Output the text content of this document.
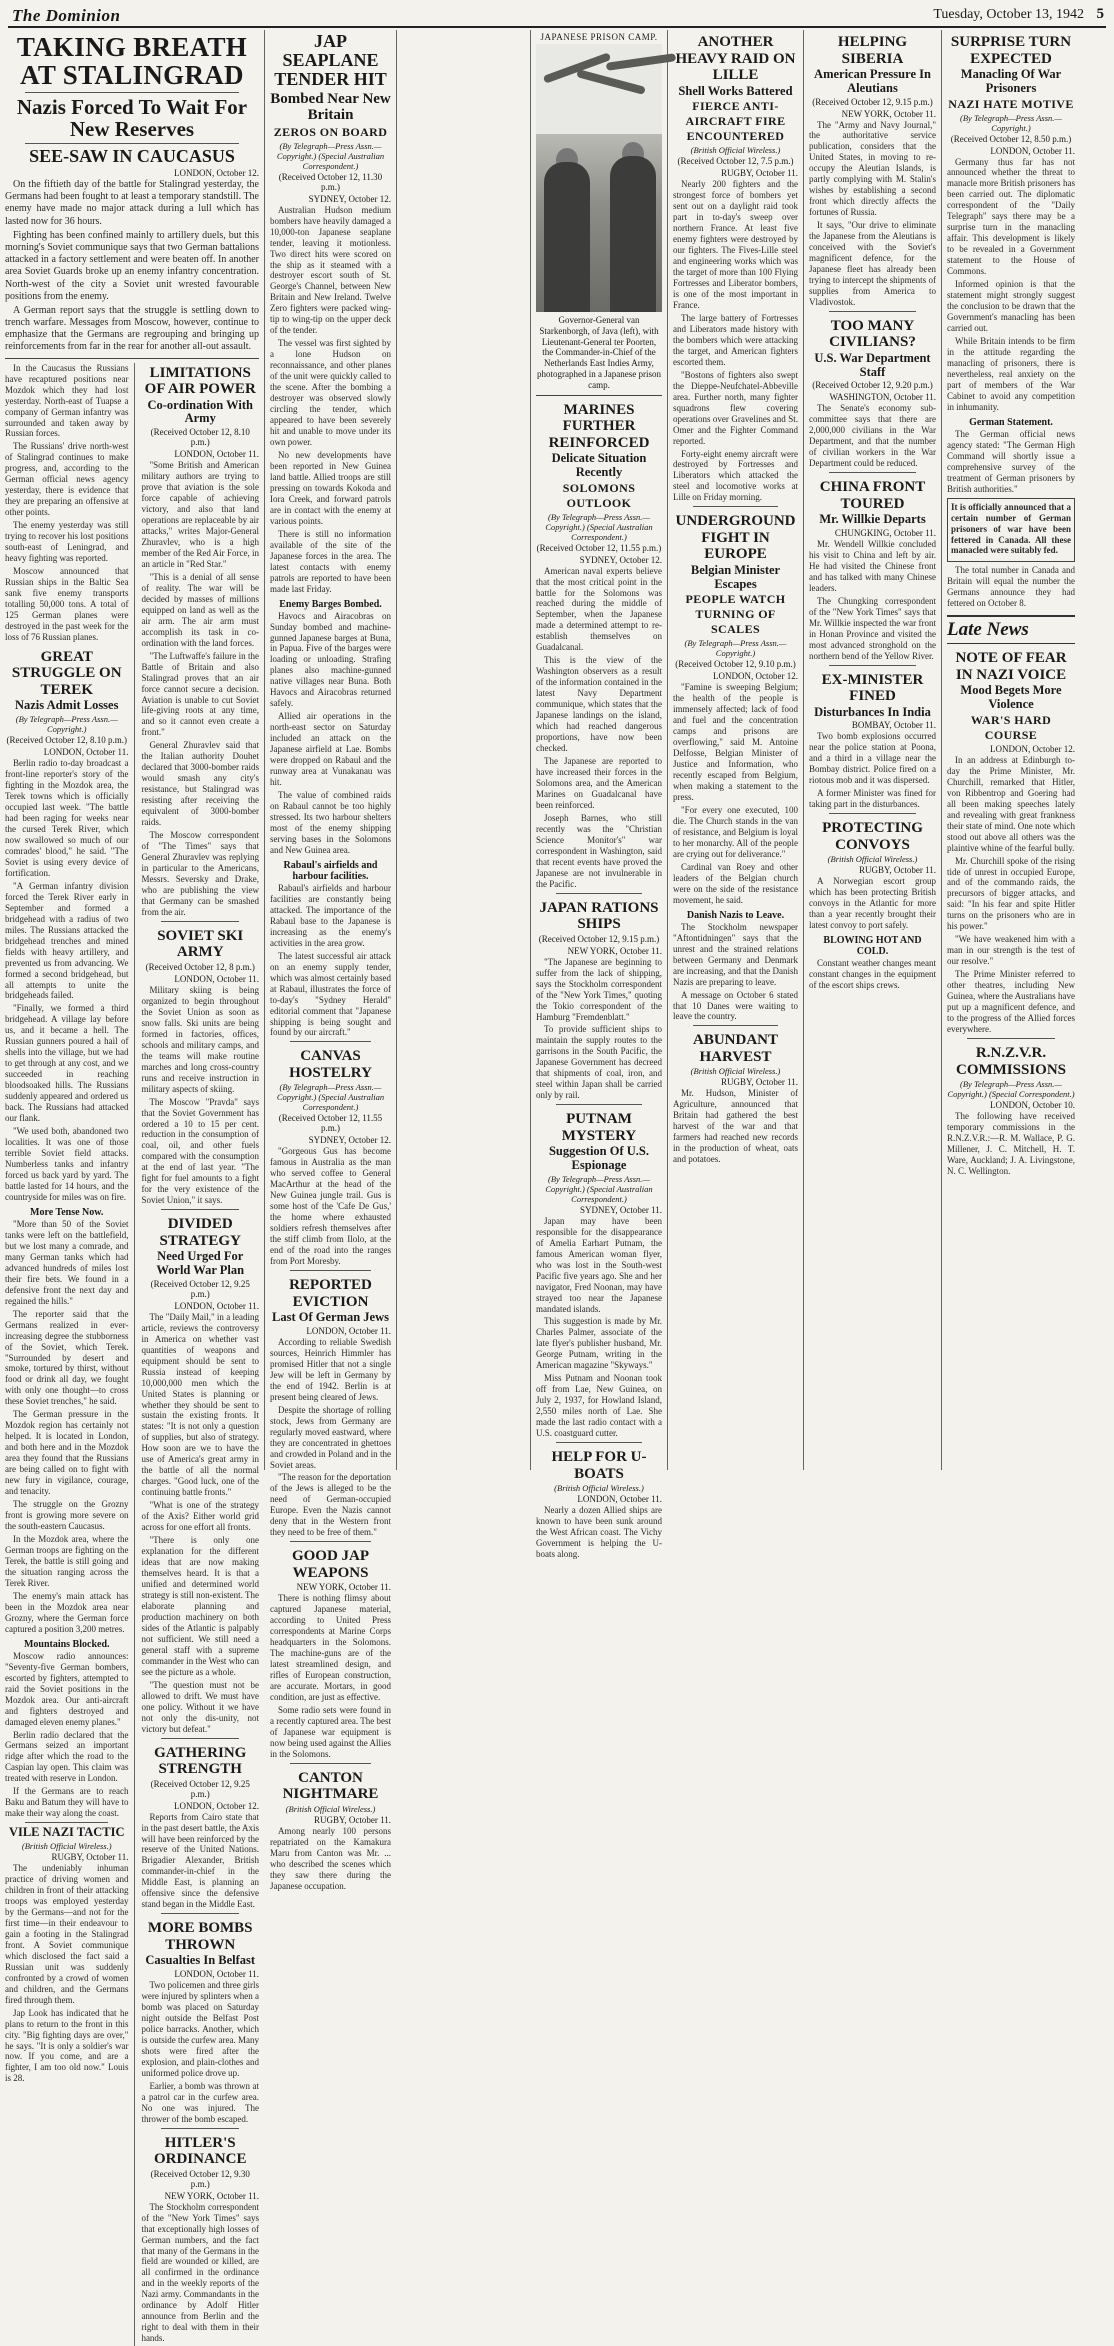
The Dominion	Tuesday, October 13, 1942 5
TAKING BREATH AT STALINGRAD
Nazis Forced To Wait For New Reserves
SEE-SAW IN CAUCASUS
LONDON, October 12.

On the fiftieth day of the battle for Stalingrad yesterday, the Germans had been fought to at least a temporary standstill. The enemy have made no major attack during a lull which has lasted now for 36 hours.

Fighting has been confined mainly to artillery duels, but this morning's Soviet communique says that two German battalions attacked in a factory settlement and were beaten off. In another area Soviet Guards broke up an enemy infantry concentration. North-west of the city a Soviet unit wrested favourable positions from the enemy.

A German report says that the struggle is settling down to trench warfare. Messages from Moscow, however, continue to emphasize that the Germans are regrouping and bringing up reinforcements from far in the rear for another all-out assault.

In the Caucasus the Russians have recaptured positions near Mozdok which they had lost yesterday. North-east of Tuapse a company of German infantry was surrounded and taken away by Russian forces.

The Russians' drive north-west of Stalingrad continues to make progress, and, according to the German official news agency yesterday, there is evidence that they are preparing an offensive at other points.

The enemy yesterday was still trying to recover his lost positions south-east of Leningrad, and heavy fighting was reported.

Moscow announced that Russian ships in the Baltic Sea sank five enemy transports totalling 50,000 tons. A total of 125 German planes were destroyed in the past week for the loss of 76 Russian planes.

GREAT STRUGGLE ON TEREK
Nazis Admit Losses
(By Telegraph—Press Assn.—Copyright.)
(Received October 12, 8.10 p.m.)
LONDON, October 11.

Berlin radio to-day broadcast a front-line reporter's story of the fighting in the Mozdok area, the Terek towns which is officially occupied last week. "The battle had been raging for weeks near the cursed Terek River, which now swallowed so much of our comrades' blood," he said. "The Soviet is using every device of fortification.

"A German infantry division forced the Terek River early in September and formed a bridgehead with a radius of two miles. The Russians attacked the bridgehead trenches and mined fields with heavy artillery, and prevented us from advancing. We formed a second bridgehead, but all attempts to unite the bridgeheads failed.

"Finally, we formed a third bridgehead. A village lay before us, and it became a hell. The Russian gunners poured a hail of shells into the village, but we had to get through at any cost, and we succeeded in reaching bloodsoaked hills. The Russians suddenly appeared and ordered us back. The Russians had attacked our flank.

"We used both, abandoned two localities. It was one of those terrible Soviet field attacks. Numberless tanks and infantry forced us back yard by yard. The battle lasted for 14 hours, and the countryside for miles was on fire.

More Tense Now.

"More than 50 of the Soviet tanks were left on the battlefield, but we lost many a comrade, and many German tanks which had advanced hundreds of miles lost their fire bets. We found in a defensive front the next day and regained the hills."

The reporter said that the Germans realized in ever-increasing degree the stubborness of the Soviet, which Terek. "Surrounded by desert and smoke, tortured by thirst, without food or drink all day, we fought with only one thought—to cross these Soviet trenches," he said.

The German pressure in the Mozdok region has certainly not helped. It is located in London, and both here and in the Mozdok area they found that the Russians are being called on to fight with new fury in vigilance, courage, and tenacity.

The struggle on the Grozny front is growing more severe on the south-eastern Caucasus.

In the Mozdok area, where the German troops are fighting on the Terek, the battle is still going and the situation ranging across the Terek River.

The enemy's main attack has been in the Mozdok area near Grozny, where the German force captured a position 3,200 metres.

Mountains Blocked.

Moscow radio announces: "Seventy-five German bombers, escorted by fighters, attempted to raid the Soviet positions in the Mozdok area. Our anti-aircraft and fighters destroyed and damaged eleven enemy planes."

Berlin radio declared that the Germans seized an important ridge after which the road to the Caspian lay open. This claim was treated with reserve in London.

If the Germans are to reach Baku and Batum they will have to make their way along the coast.

VILE NAZI TACTIC
(British Official Wireless.)
RUGBY, October 11.

The undeniably inhuman practice of driving women and children in front of their attacking troops was employed yesterday by the Germans—and not for the first time—in their endeavour to gain a footing in the Stalingrad front. A Soviet communique which disclosed the fact said a Russian unit was suddenly confronted by a crowd of women and children, and the Germans fired through them.

Jap Look has indicated that he plans to return to the front in this city. "Big fighting days are over," he says. "It is only a soldier's war now. If you come, and are a fighter, I am too old now." Louis is 28.

LIMITATIONS OF AIR POWER
Co-ordination With Army
(Received October 12, 8.10 p.m.)
LONDON, October 11.

"Some British and American military authors are trying to prove that aviation is the sole force capable of achieving victory, and also that land operations are replaceable by air attacks," writes Major-General Zhuravlev, who is a high member of the Red Air Force, in an article in "Red Star."

"This is a denial of all sense of reality. The war will be decided by masses of millions equipped on land as well as the air arm. The air arm must accomplish its task in co-ordination with the land forces.

"The Luftwaffe's failure in the Battle of Britain and also Stalingrad proves that an air force cannot secure a decision. Aviation is unable to cut Soviet life-giving roots at any time, and so it cannot even create a front."

General Zhuravlev said that the Italian authority Douhet declared that 3000-bomber raids would smash any city's resistance, but Stalingrad was resisting after receiving the equivalent of 3000-bomber raids.

The Moscow correspondent of "The Times" says that General Zhuravlev was replying in particular to the Americans, Messrs. Seversky and Drake, who are publishing the view that Germany can be smashed from the air.

SOVIET SKI ARMY
(Received October 12, 8 p.m.)
LONDON, October 11.

Military skiing is being organized to begin throughout the Soviet Union as soon as snow falls. Ski units are being formed in factories, offices, schools and military camps, and the teams will make routine marches and long cross-country runs and receive instruction in military aspects of skiing.

The Moscow "Pravda" says that the Soviet Government has ordered a 10 to 15 per cent. reduction in the consumption of coal, oil, and other fuels compared with the consumption at the end of last year. "The fight for fuel amounts to a fight for the very existence of the Soviet Union," it says.

DIVIDED STRATEGY
Need Urged For World War Plan
(Received October 12, 9.25 p.m.)
LONDON, October 11.

The "Daily Mail," in a leading article, reviews the controversy in America on whether vast quantities of weapons and equipment should be sent to Russia instead of keeping 10,000,000 men which the United States is planning or whether they should be sent to sustain the existing fronts. It states: "It is not only a question of supplies, but also of strategy. How soon are we to have the use of America's great army in the battle of all the normal charges. "Good luck, one of the continuing battle fronts."

"What is one of the strategy of the Axis? Either world grid across for one effort all fronts.

"There is only one explanation for the different ideas that are now making themselves heard. It is that a unified and determined world strategy is still non-existent. The elaborate planning and production machinery on both sides of the Atlantic is palpably not sufficient. We still need a general staff with a supreme commander in the West who can see the picture as a whole.

"The question must not be allowed to drift. We must have one policy. Without it we have not only the dis-unity, not victory but defeat."

GATHERING STRENGTH
(Received October 12, 9.25 p.m.)
LONDON, October 12.

Reports from Cairo state that in the past desert battle, the Axis will have been reinforced by the reserve of the United Nations. Brigadier Alexander, British commander-in-chief in the Middle East, is planning an offensive since the defensive stand began in the Middle East.

MORE BOMBS THROWN
Casualties In Belfast
LONDON, October 11.

Two policemen and three girls were injured by splinters when a bomb was placed on Saturday night outside the Belfast Post police barracks. Another, which is outside the curfew area. Many shots were fired after the explosion, and plain-clothes and uniformed police drove up.

Earlier, a bomb was thrown at a patrol car in the curfew area. No one was injured. The thrower of the bomb escaped.

HITLER'S ORDINANCE
(Received October 12, 9.30 p.m.)
NEW YORK, October 11.

The Stockholm correspondent of the "New York Times" says that exceptionally high losses of German numbers, and the fact that many of the Germans in the field are wounded or killed, are all confirmed in the ordinance and in the weekly reports of the Nazi army. Commandants in the ordinance by Adolf Hitler announce from Berlin and the right to deal with them in their hands.

JAP SEAPLANE TENDER HIT
Bombed Near New Britain
ZEROS ON BOARD
(By Telegraph—Press Assn.—Copyright.) (Special Australian Correspondent.)
(Received October 12, 11.30 p.m.)
SYDNEY, October 12.

Australian Hudson medium bombers have heavily damaged a 10,000-ton Japanese seaplane tender, leaving it motionless. Two direct hits were scored on the ship as it steamed with a destroyer escort south of St. George's Channel, between New Britain and New Ireland. Twelve Zero fighters were packed wing-tip to wing-tip on the upper deck of the tender.

The vessel was first sighted by a lone Hudson on reconnaissance, and other planes of the unit were quickly called to the scene. After the bombing a destroyer was observed slowly circling the tender, which appeared to have been severely hit and unable to move under its own power.

No new developments have been reported in New Guinea land battle. Allied troops are still pressing on towards Kokoda and Iora Creek, and forward patrols are in contact with the enemy at various points.

There is still no information available of the site of the Japanese forces in the area. The latest contacts with enemy patrols are reported to have been made last Friday.

Enemy Barges Bombed.

Havocs and Airacobras on Sunday bombed and machine-gunned Japanese barges at Buna, in Papua. Five of the barges were loading or unloading. Strafing planes also machine-gunned native villages near Buna. Both Havocs and Airacobras returned safely.

Allied air operations in the north-east sector on Saturday included an attack on the Japanese airfield at Lae. Bombs were dropped on Rabaul and the runway area at Vunakanau was hit.

The value of combined raids on Rabaul cannot be too highly stressed. Its two harbour shelters most of the enemy shipping serving bases in the Solomons and New Guinea area.

Rabaul's airfields and harbour facilities.

Rabaul's airfields and harbour facilities are constantly being attacked. The importance of the Rabaul base to the Japanese is increasing as the enemy's activities in the area grow.

The latest successful air attack on an enemy supply tender, which was almost certainly based at Rabaul, illustrates the force of to-day's "Sydney Herald" editorial comment that "Japanese shipping is being sought and found by our aircraft."

CANVAS HOSTELRY
(By Telegraph—Press Assn.—Copyright.) (Special Australian Correspondent.)
(Received October 12, 11.55 p.m.)
SYDNEY, October 12.

"Gorgeous Gus has become famous in Australia as the man who served coffee to General MacArthur at the head of the New Guinea jungle trail. Gus is some host of the 'Cafe De Gus,' the home where exhausted soldiers refresh themselves after the stiff climb from Ilolo, at the end of the road into the ranges from Port Moresby.

REPORTED EVICTION
Last Of German Jews
LONDON, October 11.

According to reliable Swedish sources, Heinrich Himmler has promised Hitler that not a single Jew will be left in Germany by the end of 1942. Berlin is at present being cleared of Jews.

Despite the shortage of rolling stock, Jews from Germany are regularly moved eastward, where they are concentrated in ghettoes and crowded in Poland and in the Soviet areas.

"The reason for the deportation of the Jews is alleged to be the need of German-occupied Europe. Even the Nazis cannot deny that in the Western front they need to be free of them."

GOOD JAP WEAPONS
NEW YORK, October 11.

There is nothing flimsy about captured Japanese material, according to United Press correspondents at Marine Corps headquarters in the Solomons. The machine-guns are of the latest streamlined design, and rifles of European construction, are accurate. Mortars, in good condition, are just as effective.

Some radio sets were found in a recently captured area. The best of Japanese war equipment is now being used against the Allies in the Solomons.

CANTON NIGHTMARE
(British Official Wireless.)
RUGBY, October 11.

Among nearly 100 persons repatriated on the Kamakura Maru from Canton was Mr. ... who described the scenes which they saw there during the Japanese occupation.

JAPANESE PRISON CAMP.
Governor-General van Starkenborgh, of Java (left), with Lieutenant-General ter Poorten, the Commander-in-Chief of the Netherlands East Indies Army, photographed in a Japanese prison camp.
MARINES FURTHER REINFORCED
Delicate Situation Recently
SOLOMONS OUTLOOK
(By Telegraph—Press Assn.—Copyright.) (Special Australian Correspondent.)
(Received October 12, 11.55 p.m.)
SYDNEY, October 12.

American naval experts believe that the most critical point in the battle for the Solomons was reached during the middle of September, when the Japanese made a determined attempt to re-establish themselves on Guadalcanal.

This is the view of the Washington observers as a result of the information contained in the latest Navy Department communique, which states that the Japanese landings on the island, which had reached dangerous proportions, have now been checked.

The Japanese are reported to have increased their forces in the Solomons area, and the American Marines on Guadalcanal have been reinforced.

Joseph Barnes, who still recently was the "Christian Science Monitor's" war correspondent in Washington, said that recent events have proved the Japanese are not invulnerable in the Pacific.

JAPAN RATIONS SHIPS
(Received October 12, 9.15 p.m.)
NEW YORK, October 11.

"The Japanese are beginning to suffer from the lack of shipping, says the Stockholm correspondent of the "New York Times," quoting the Tokio correspondent of the Hamburg "Fremdenblatt."

To provide sufficient ships to maintain the supply routes to the garrisons in the South Pacific, the Japanese Government has decreed that shipments of coal, iron, and steel within Japan shall be carried only by rail.

PUTNAM MYSTERY
Suggestion Of U.S. Espionage
(By Telegraph—Press Assn.—Copyright.) (Special Australian Correspondent.)
SYDNEY, October 11.

Japan may have been responsible for the disappearance of Amelia Earhart Putnam, the famous American woman flyer, who was lost in the South-west Pacific five years ago. She and her navigator, Fred Noonan, may have strayed too near the Japanese mandated islands.

This suggestion is made by Mr. Charles Palmer, associate of the late flyer's publisher husband, Mr. George Putnam, writing in the American magazine "Skyways."

Miss Putnam and Noonan took off from Lae, New Guinea, on July 2, 1937, for Howland Island, 2,550 miles north of Lae. She made the last radio contact with a U.S. coastguard cutter.

HELP FOR U-BOATS
(British Official Wireless.)
LONDON, October 11.

Nearly a dozen Allied ships are known to have been sunk around the West African coast. The Vichy Government is helping the U-boats along.

ANOTHER HEAVY RAID ON LILLE
Shell Works Battered
FIERCE ANTI-AIRCRAFT FIRE ENCOUNTERED
(British Official Wireless.)
(Received October 12, 7.5 p.m.)
RUGBY, October 11.

Nearly 200 fighters and the strongest force of bombers yet sent out on a daylight raid took part in to-day's sweep over northern France. At least five enemy fighters were destroyed by our fighters. The Fives-Lille steel and engineering works which was the target of more than 100 Flying Fortresses and Liberator bombers, is one of the most important in France.

The large battery of Fortresses and Liberators made history with the bombers which were attacking the target, and American fighters escorted them.

"Bostons of fighters also swept the Dieppe-Neufchatel-Abbeville area. Further north, many fighter squadrons flew covering operations over Gravelines and St. Omer and the Fighter Command reported.

Forty-eight enemy aircraft were destroyed by Fortresses and Liberators which attacked the steel and locomotive works at Lille on Friday morning.

UNDERGROUND FIGHT IN EUROPE
Belgian Minister Escapes
PEOPLE WATCH TURNING OF SCALES
(By Telegraph—Press Assn.—Copyright.)
(Received October 12, 9.10 p.m.)
LONDON, October 12.

"Famine is sweeping Belgium; the health of the people is immensely affected; lack of food and fuel and the concentration camps and prisons are overflowing," said M. Antoine Delfosse, Belgian Minister of Justice and Information, who recently escaped from Belgium, when making a statement to the press.

"For every one executed, 100 die. The Church stands in the van of resistance, and Belgium is loyal to her monarchy. All of the people are crying out for deliverance."

Cardinal van Roey and other leaders of the Belgian church were on the side of the resistance movement, he said.

Danish Nazis to Leave.

The Stockholm newspaper "Aftontidningen" says that the unrest and the strained relations between Germany and Denmark are increasing, and that the Danish Nazis are preparing to leave.

A message on October 6 stated that 10 Danes were waiting to leave the country.

ABUNDANT HARVEST
(British Official Wireless.)
RUGBY, October 11.

Mr. Hudson, Minister of Agriculture, announced that Britain had gathered the best harvest of the war and that farmers had reached new records in the production of wheat, oats and potatoes.

HELPING SIBERIA
American Pressure In Aleutians
(Received October 12, 9.15 p.m.)
NEW YORK, October 11.

The "Army and Navy Journal," the authoritative service publication, considers that the United States, in moving to re-occupy the Aleutian Islands, is partly complying with M. Stalin's wishes by establishing a second front which directly affects the fortunes of Russia.

It says, "Our drive to eliminate the Japanese from the Aleutians is conceived with the Soviet's magnificent defence, for the Japanese fleet has already been trying to intercept the shipments of supplies from America to Vladivostok.

TOO MANY CIVILIANS?
U.S. War Department Staff
(Received October 12, 9.20 p.m.)
WASHINGTON, October 11.

The Senate's economy sub-committee says that there are 2,000,000 civilians in the War Department, and that the number of civilian workers in the War Department could be reduced.

CHINA FRONT TOURED
Mr. Willkie Departs
CHUNGKING, October 11.

Mr. Wendell Willkie concluded his visit to China and left by air. He had visited the Chinese front and has talked with many Chinese leaders.

The Chungking correspondent of the "New York Times" says that Mr. Willkie inspected the war front in Honan Province and visited the most advanced stronghold on the northern bend of the Yellow River.

EX-MINISTER FINED
Disturbances In India
BOMBAY, October 11.

Two bomb explosions occurred near the police station at Poona, and a third in a village near the Bombay district. Police fired on a riotous mob and it was dispersed.

A former Minister was fined for taking part in the disturbances.

PROTECTING CONVOYS
(British Official Wireless.)
RUGBY, October 11.

A Norwegian escort group which has been protecting British convoys in the Atlantic for more than a year recently brought their latest convoy to port safely.

BLOWING HOT AND COLD.

Constant weather changes meant constant changes in the equipment of the escort ships crews.

SURPRISE TURN EXPECTED
Manacling Of War Prisoners
NAZI HATE MOTIVE
(By Telegraph—Press Assn.—Copyright.)
(Received October 12, 8.50 p.m.)
LONDON, October 11.

Germany thus far has not announced whether the threat to manacle more British prisoners has been carried out. The diplomatic correspondent of the "Daily Telegraph" says there may be a surprise turn in the manacling affair. This development is likely to be revealed in a Government statement to the House of Commons.

Informed opinion is that the statement might strongly suggest the conclusion to be drawn that the Government's manacling has been carried out.

While Britain intends to be firm in the attitude regarding the manacling of prisoners, there is nevertheless, real anxiety on the part of members of the War Cabinet to avoid any competition in inhumanity.

German Statement.

The German official news agency stated: "The German High Command will shortly issue a comprehensive survey of the treatment of German prisoners by British authorities."

It is officially announced that a certain number of German prisoners of war have been fettered in Canada. All these manacled were suitably fed.

The total number in Canada and Britain will equal the number the Germans announce they had fettered on October 8.

Late News
NOTE OF FEAR IN NAZI VOICE
Mood Begets More Violence
WAR'S HARD COURSE
LONDON, October 12.

In an address at Edinburgh to-day the Prime Minister, Mr. Churchill, remarked that Hitler, von Ribbentrop and Goering had all been making speeches lately and revealing with great frankness their state of mind. One note which stood out above all others was the plaintive whine of the fearful bully.

Mr. Churchill spoke of the rising tide of unrest in occupied Europe, and of the commando raids, the precursors of bigger attacks, and said: "In his fear and spite Hitler turns on the prisoners who are in his power."

"We have weakened him with a man in our strength is the test of our resolve."

The Prime Minister referred to other theatres, including New Guinea, where the Australians have put up a magnificent defence, and to the progress of the Allied forces everywhere.

R.N.Z.V.R. COMMISSIONS
(By Telegraph—Press Assn.—Copyright.) (Special Correspondent.)
LONDON, October 10.

The following have received temporary commissions in the R.N.Z.V.R.:—R. M. Wallace, P. G. Millener, J. C. Mitchell, H. T. Ware, Auckland; J. A. Livingstone, N. C. Wellington.
